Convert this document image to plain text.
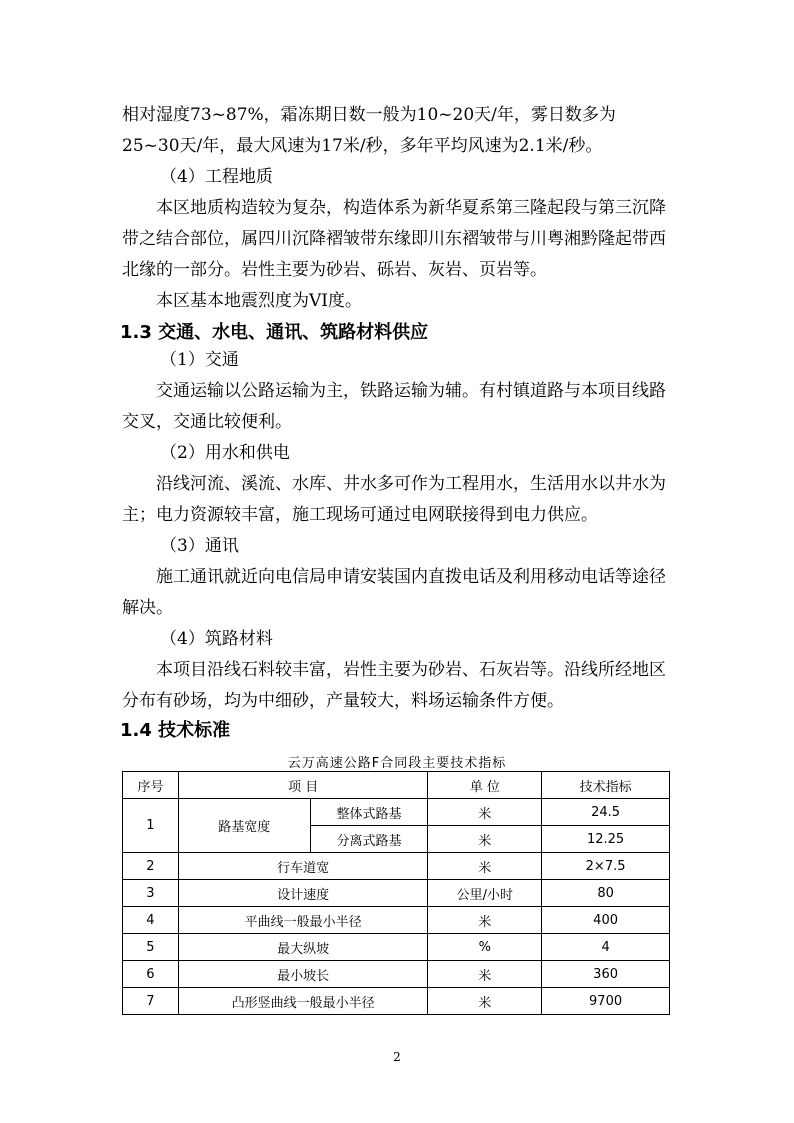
相对湿度73~87%，霜冻期日数一般为10~20天/年，雾日数多为25~30天/年，最大风速为17米/秒，多年平均风速为2.1米/秒。

（4）工程地质

本区地质构造较为复杂，构造体系为新华夏系第三隆起段与第三沉降带之结合部位，属四川沉降褶皱带东缘即川东褶皱带与川粤湘黔隆起带西北缘的一部分。岩性主要为砂岩、砾岩、灰岩、页岩等。

本区基本地震烈度为VI度。

1.3 交通、水电、通讯、筑路材料供应

（1）交通

交通运输以公路运输为主，铁路运输为辅。有村镇道路与本项目线路交叉，交通比较便利。

（2）用水和供电

沿线河流、溪流、水库、井水多可作为工程用水，生活用水以井水为主；电力资源较丰富，施工现场可通过电网联接得到电力供应。

（3）通讯

施工通讯就近向电信局申请安装国内直拨电话及利用移动电话等途径解决。

（4）筑路材料

本项目沿线石料较丰富，岩性主要为砂岩、石灰岩等。沿线所经地区分布有砂场，均为中细砂，产量较大，料场运输条件方便。

1.4 技术标准
云万高速公路F合同段主要技术指标
序号	项 目		单 位	技术指标
1	路基宽度	整体式路基	米	24.5
		分离式路基	米	12.25
2	行车道宽		米	2×7.5
3	设计速度		公里/小时	80
4	平曲线一般最小半径		米	400
5	最大纵坡		%	4
6	最小坡长		米	360
7	凸形竖曲线一般最小半径		米	9700
2
